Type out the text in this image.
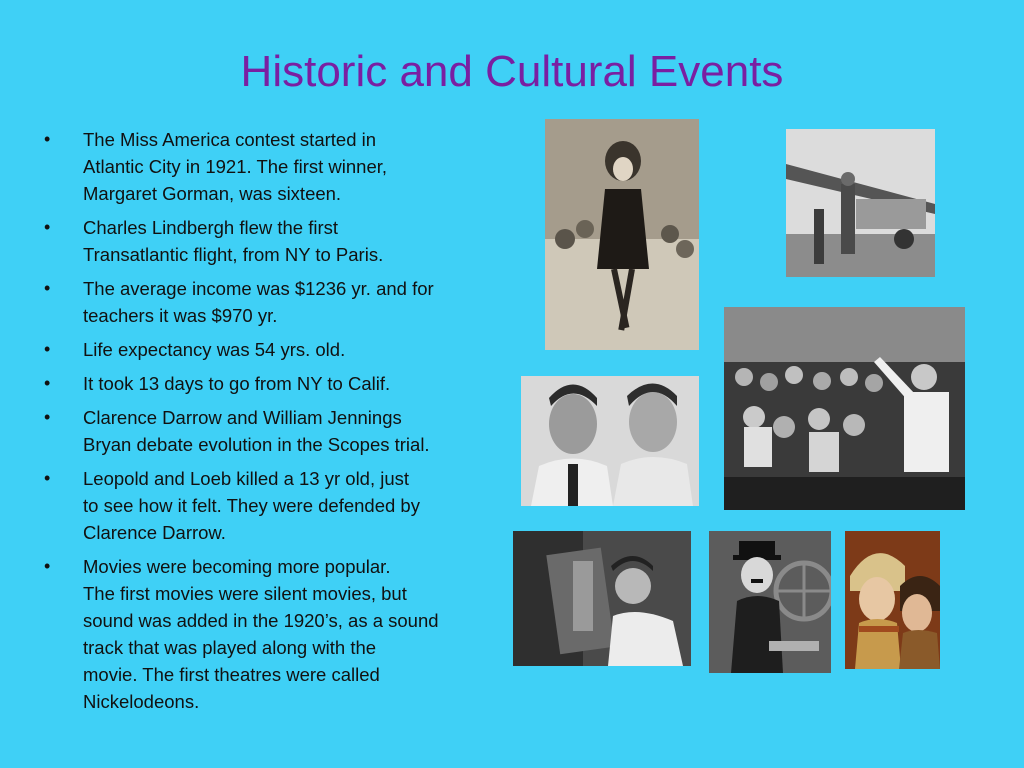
Historic and Cultural Events
•	The Miss America contest started in
Atlantic City in 1921. The first winner,
Margaret Gorman, was sixteen.
•	Charles Lindbergh flew the first
Transatlantic flight, from NY to Paris.
•	The average income was $1236 yr. and for
teachers it was $970 yr.
•	Life expectancy was 54 yrs. old.
•	It took 13 days to go from NY to Calif.
•	Clarence Darrow and William Jennings
Bryan debate evolution in the Scopes trial.
•	Leopold and Loeb killed a 13 yr old, just
to see how it felt. They were defended by
Clarence Darrow.
•	Movies were becoming more popular.
The first movies were silent movies, but
sound was added in the 1920’s, as a sound
track that was played along with the
movie. The first theatres were called
Nickelodeons.
